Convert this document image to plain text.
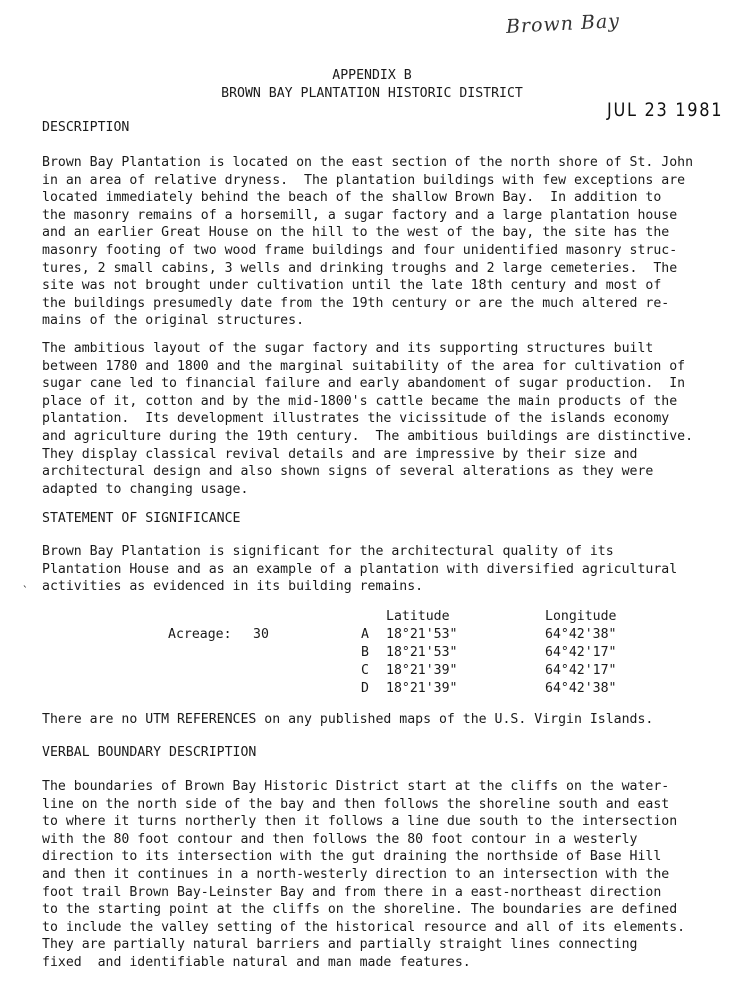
Brown Bay
JUL 23 1981
APPENDIX B
BROWN BAY PLANTATION HISTORIC DISTRICT
DESCRIPTION
Brown Bay Plantation is located on the east section of the north shore of St. John
in an area of relative dryness.  The plantation buildings with few exceptions are
located immediately behind the beach of the shallow Brown Bay.  In addition to
the masonry remains of a horsemill, a sugar factory and a large plantation house
and an earlier Great House on the hill to the west of the bay, the site has the
masonry footing of two wood frame buildings and four unidentified masonry struc-
tures, 2 small cabins, 3 wells and drinking troughs and 2 large cemeteries.  The
site was not brought under cultivation until the late 18th century and most of
the buildings presumedly date from the 19th century or are the much altered re-
mains of the original structures.
The ambitious layout of the sugar factory and its supporting structures built
between 1780 and 1800 and the marginal suitability of the area for cultivation of
sugar cane led to financial failure and early abandoment of sugar production.  In
place of it, cotton and by the mid-1800's cattle became the main products of the
plantation.  Its development illustrates the vicissitude of the islands economy
and agriculture during the 19th century.  The ambitious buildings are distinctive.
They display classical revival details and are impressive by their size and
architectural design and also shown signs of several alterations as they were
adapted to changing usage.
STATEMENT OF SIGNIFICANCE
Brown Bay Plantation is significant for the architectural quality of its
Plantation House and as an example of a plantation with diversified agricultural
activities as evidenced in its building remains.
`
Latitude	Longitude
Acreage: 30	A 18°21'53"	64°42'38"
B 18°21'53"	64°42'17"
C 18°21'39"	64°42'17"
D 18°21'39"	64°42'38"
There are no UTM REFERENCES on any published maps of the U.S. Virgin Islands.
VERBAL BOUNDARY DESCRIPTION
The boundaries of Brown Bay Historic District start at the cliffs on the water-
line on the north side of the bay and then follows the shoreline south and east
to where it turns northerly then it follows a line due south to the intersection
with the 80 foot contour and then follows the 80 foot contour in a westerly
direction to its intersection with the gut draining the northside of Base Hill
and then it continues in a north-westerly direction to an intersection with the
foot trail Brown Bay-Leinster Bay and from there in a east-northeast direction
to the starting point at the cliffs on the shoreline. The boundaries are defined
to include the valley setting of the historical resource and all of its elements.
They are partially natural barriers and partially straight lines connecting
fixed  and identifiable natural and man made features.
